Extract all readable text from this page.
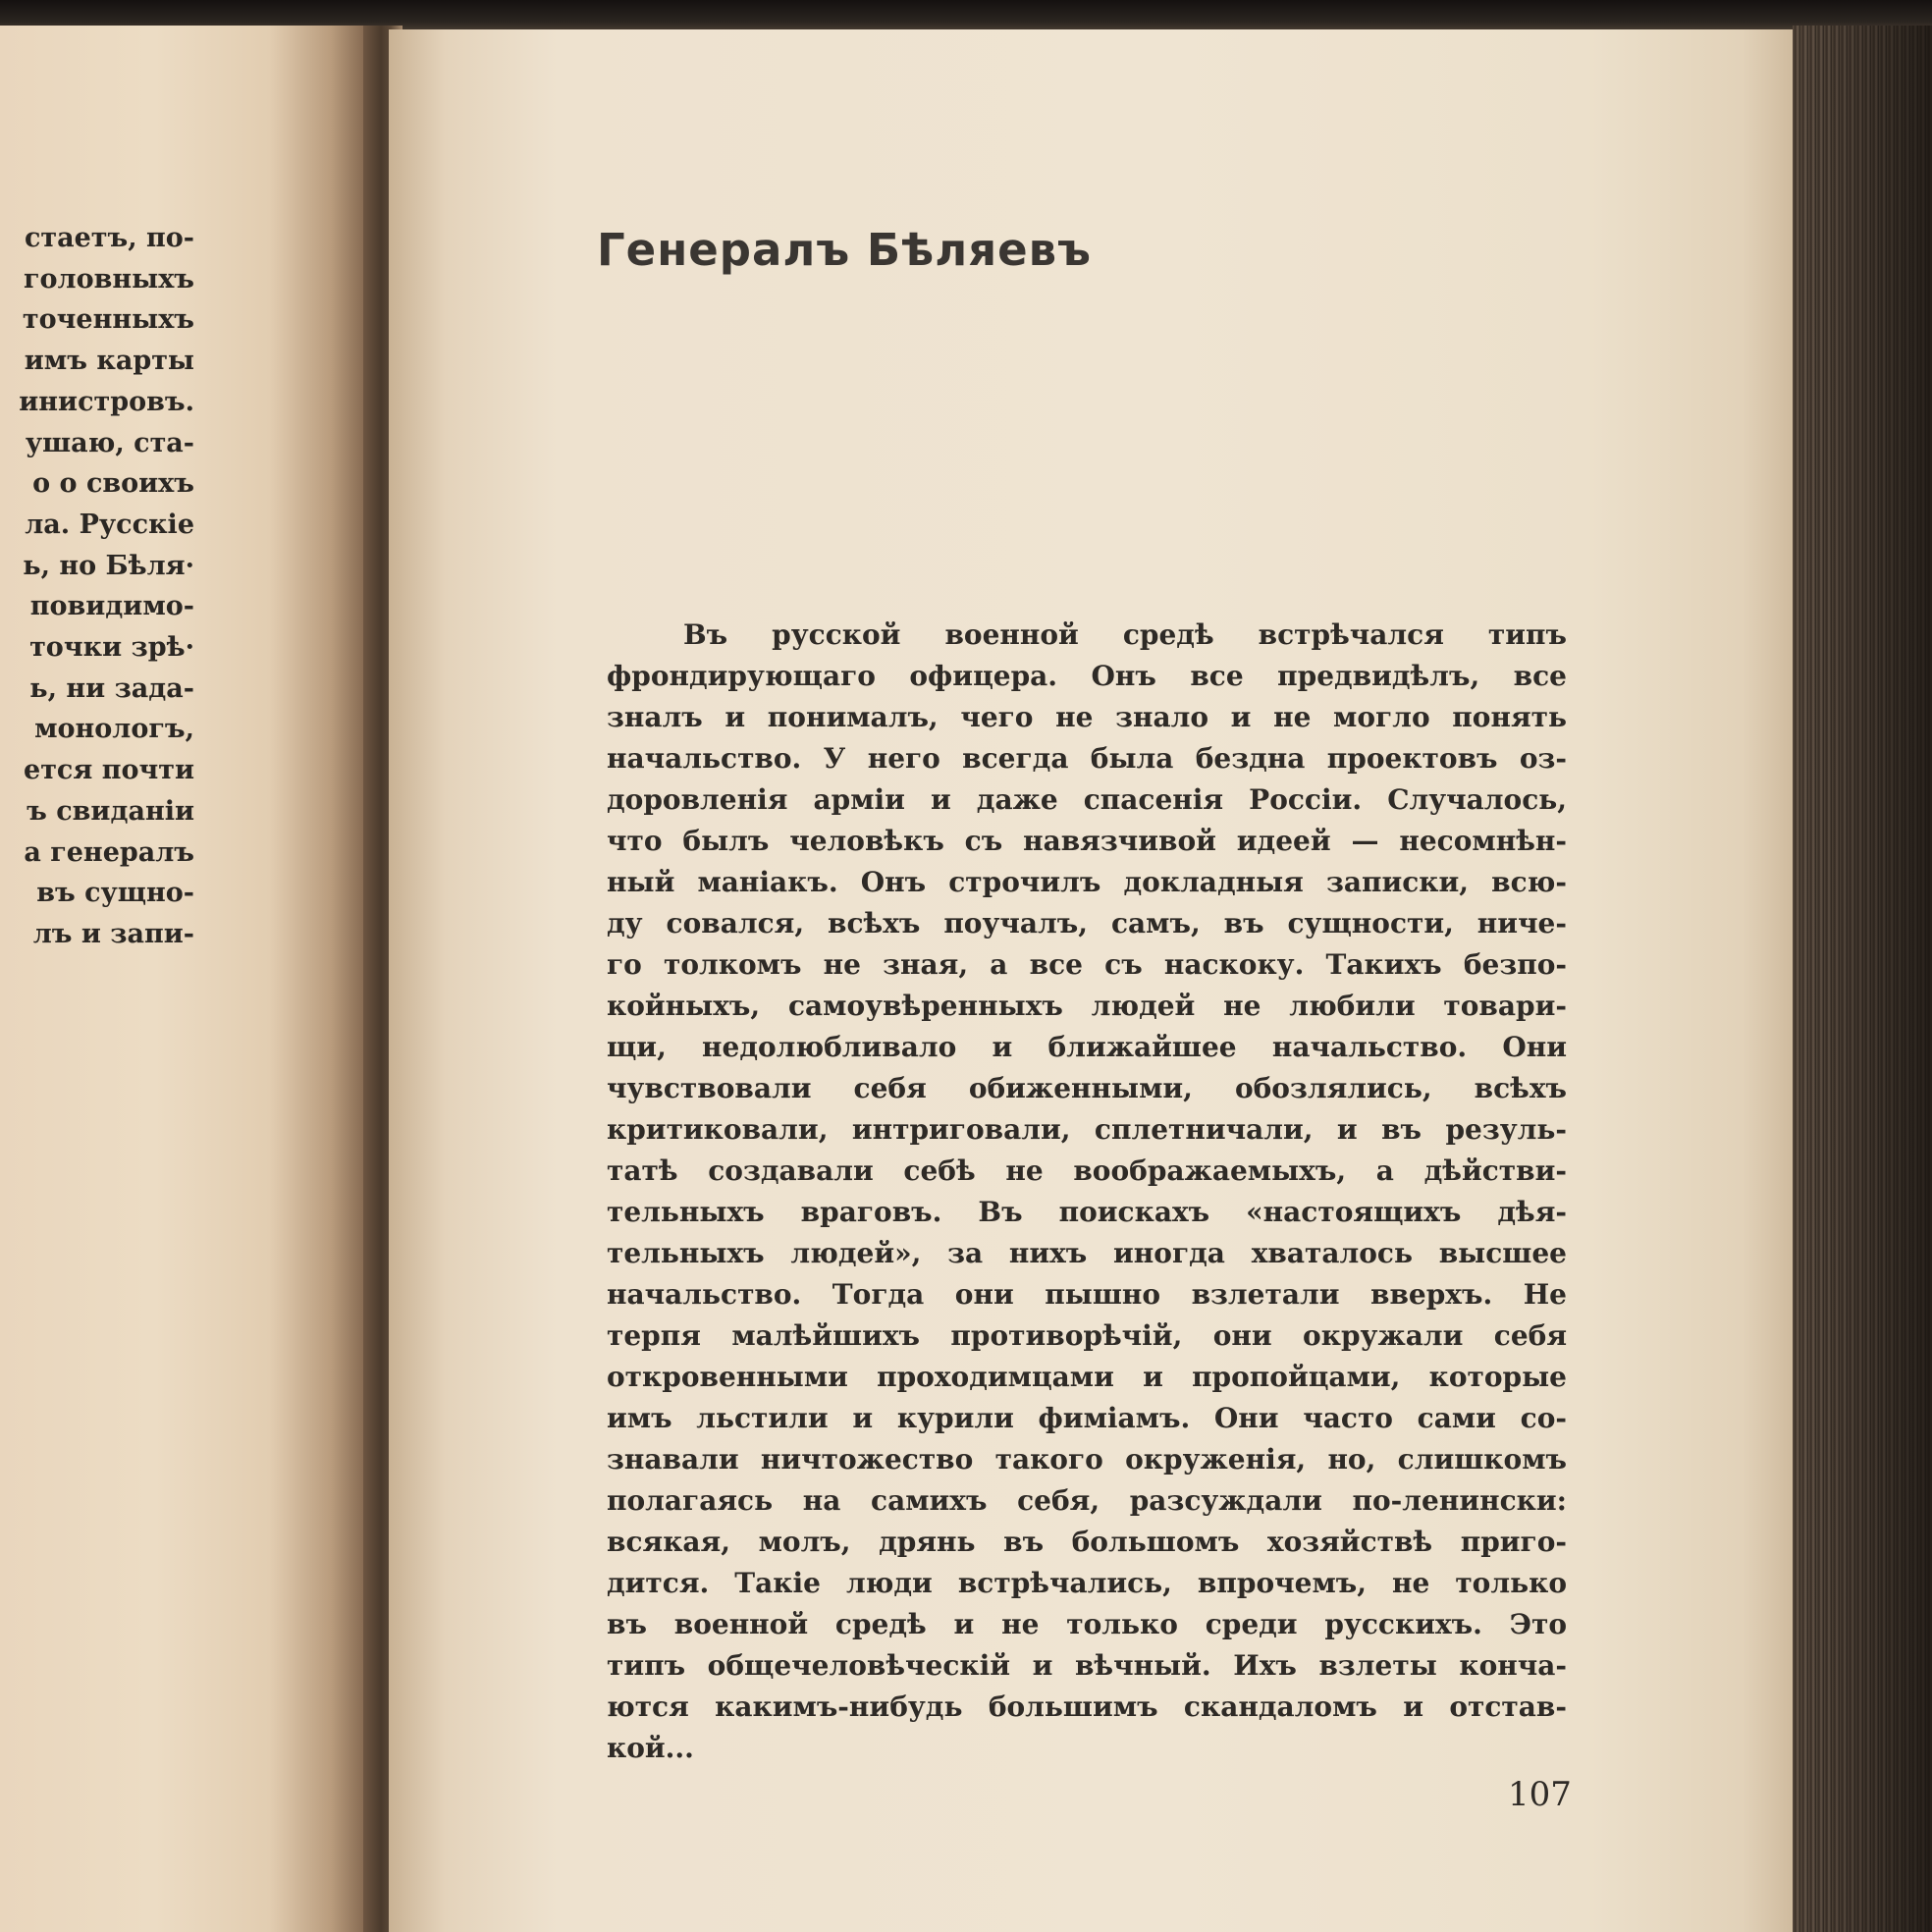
стаетъ, по-
головныхъ
точенныхъ
имъ карты
инистровъ.
ушаю, ста-
о о своихъ
ла. Русскіе
ь, но Бѣля·
повидимо-
точки зрѣ·
ь, ни зада-
монологъ,
ется почти
ъ свиданіи
а генералъ
въ сущно-
лъ и запи-
Генералъ Бѣляевъ
Въ русской военной средѣ встрѣчался типъ
фрондирующаго офицера. Онъ все предвидѣлъ, все
зналъ и понималъ, чего не знало и не могло понять
начальство. У него всегда была бездна проектовъ оз-
доровленія арміи и даже спасенія Россіи. Случалось,
что былъ человѣкъ съ навязчивой идеей — несомнѣн-
ный маніакъ. Онъ строчилъ докладныя записки, всю-
ду совался, всѣхъ поучалъ, самъ, въ сущности, ниче-
го толкомъ не зная, а все съ наскоку. Такихъ безпо-
койныхъ, самоувѣренныхъ людей не любили товари-
щи, недолюбливало и ближайшее начальство. Они
чувствовали себя обиженными, обозлялись, всѣхъ
критиковали, интриговали, сплетничали, и въ резуль-
татѣ создавали себѣ не воображаемыхъ, а дѣйстви-
тельныхъ враговъ. Въ поискахъ «настоящихъ дѣя-
тельныхъ людей», за нихъ иногда хваталось высшее
начальство. Тогда они пышно взлетали вверхъ. Не
терпя малѣйшихъ противорѣчій, они окружали себя
откровенными проходимцами и пропойцами, которые
имъ льстили и курили фиміамъ. Они часто сами со-
знавали ничтожество такого окруженія, но, слишкомъ
полагаясь на самихъ себя, разсуждали по-ленински:
всякая, молъ, дрянь въ большомъ хозяйствѣ приго-
дится. Такіе люди встрѣчались, впрочемъ, не только
въ военной средѣ и не только среди русскихъ. Это
типъ общечеловѣческій и вѣчный. Ихъ взлеты конча-
ются какимъ-нибудь большимъ скандаломъ и отстав-
кой...
107
